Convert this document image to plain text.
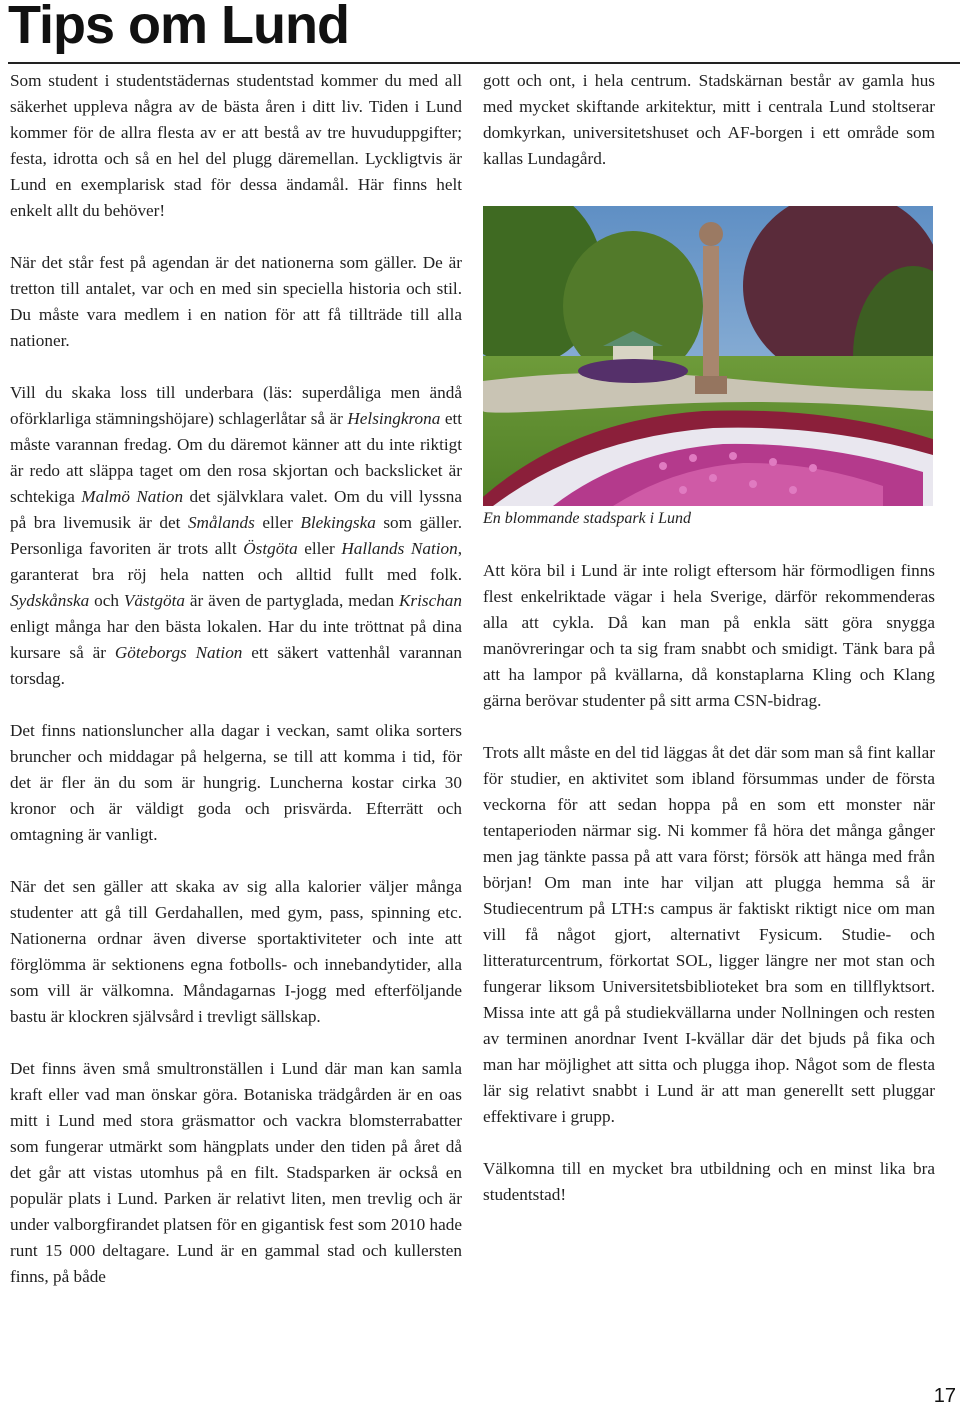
Tips om Lund

Som student i studentstädernas studentstad kommer du med all säkerhet uppleva några av de bästa åren i ditt liv. Tiden i Lund kommer för de allra flesta av er att bestå av tre huvuduppgifter; festa, idrotta och så en hel del plugg däremellan. Lyckligtvis är Lund en exemplarisk stad för dessa ändamål. Här finns helt enkelt allt du behöver!

När det står fest på agendan är det nationerna som gäller. De är tretton till antalet, var och en med sin speciella historia och stil. Du måste vara medlem i en nation för att få tillträde till alla nationer.

Vill du skaka loss till underbara (läs: superdåliga men ändå oförklarliga stämningshöjare) schlagerlåtar så är Helsingkrona ett måste varannan fredag. Om du däremot känner att du inte riktigt är redo att släppa taget om den rosa skjortan och backslicket är schtekiga Malmö Nation det självklara valet. Om du vill lyssna på bra livemusik är det Smålands eller Blekingska som gäller. Personliga favoriten är trots allt Östgöta eller Hallands Nation, garanterat bra röj hela natten och alltid fullt med folk. Sydskånska och Västgöta är även de partyglada, medan Krischan enligt många har den bästa lokalen. Har du inte tröttnat på dina kursare så är Göteborgs Nation ett säkert vattenhål varannan torsdag.

Det finns nationsluncher alla dagar i veckan, samt olika sorters bruncher och middagar på helgerna, se till att komma i tid, för det är fler än du som är hungrig. Luncherna kostar cirka 30 kronor och är väldigt goda och prisvärda. Efterrätt och omtagning är vanligt.

När det sen gäller att skaka av sig alla kalorier väljer många studenter att gå till Gerdahallen, med gym, pass, spinning etc. Nationerna ordnar även diverse sportaktiviteter och inte att förglömma är sektionens egna fotbolls- och innebandytider, alla som vill är välkomna. Måndagarnas I-jogg med efterföljande bastu är klockren självsård i trevligt sällskap.

Det finns även små smultronställen i Lund där man kan samla kraft eller vad man önskar göra. Botaniska trädgården är en oas mitt i Lund med stora gräsmattor och vackra blomsterrabatter som fungerar utmärkt som hängplats under den tiden på året då det går att vistas utomhus på en filt. Stadsparken är också en populär plats i Lund. Parken är relativt liten, men trevlig och är under valborgfirandet platsen för en gigantisk fest som 2010 hade runt 15 000 deltagare. Lund är en gammal stad och kullersten finns, på både

gott och ont, i hela centrum. Stadskärnan består av gamla hus med mycket skiftande arkitektur, mitt i centrala Lund stoltserar domkyrkan, universitetshuset och AF-borgen i ett område som kallas Lundagård.

En blommande stadspark i Lund

Att köra bil i Lund är inte roligt eftersom här förmodligen finns flest enkelriktade vägar i hela Sverige, därför rekommenderas alla att cykla. Då kan man på enkla sätt göra snygga manövreringar och ta sig fram snabbt och smidigt. Tänk bara på att ha lampor på kvällarna, då konstaplarna Kling och Klang gärna berövar studenter på sitt arma CSN-bidrag.

Trots allt måste en del tid läggas åt det där som man så fint kallar för studier, en aktivitet som ibland försummas under de första veckorna för att sedan hoppa på en som ett monster när tentaperioden närmar sig. Ni kommer få höra det många gånger men jag tänkte passa på att vara först; försök att hänga med från början! Om man inte har viljan att plugga hemma så är Studiecentrum på LTH:s campus är faktiskt riktigt nice om man vill få något gjort, alternativt Fysicum. Studie- och litteraturcentrum, förkortat SOL, ligger längre ner mot stan och fungerar liksom Universitetsbiblioteket bra som en tillflyktsort. Missa inte att gå på studiekvällarna under Nollningen och resten av terminen anordnar Ivent I-kvällar där det bjuds på fika och man har möjlighet att sitta och plugga ihop. Något som de flesta lär sig relativt snabbt i Lund är att man generellt sett pluggar effektivare i grupp.

Välkomna till en mycket bra utbildning och en minst lika bra studentstad!

17
